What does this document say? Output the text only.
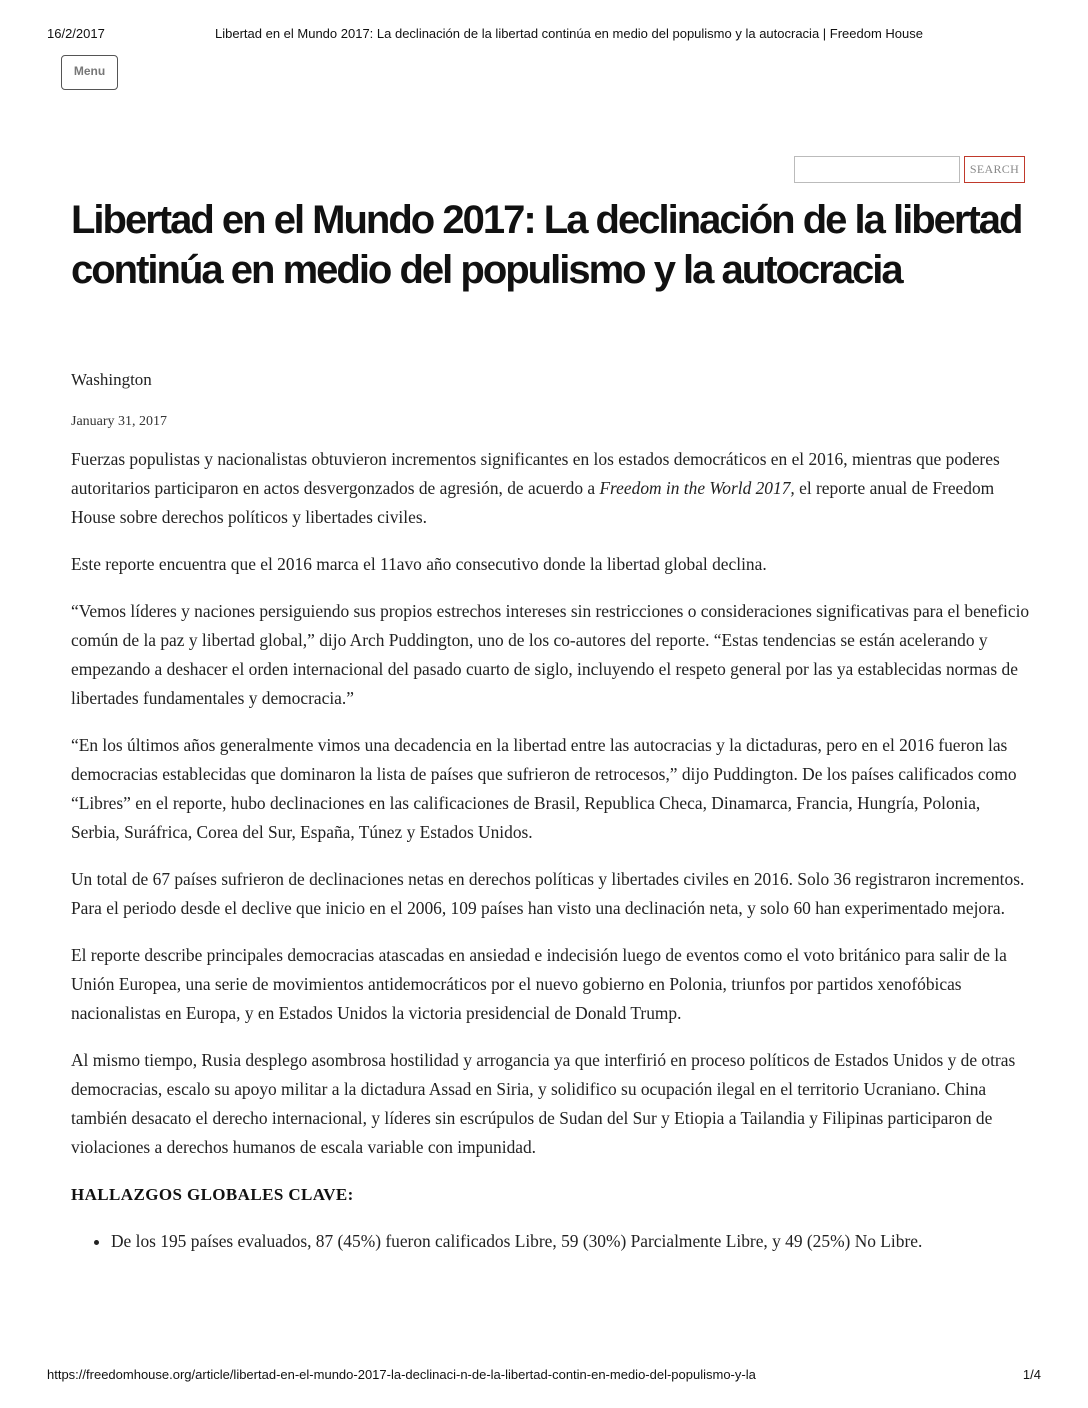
16/2/2017	Libertad en el Mundo 2017: La declinación de la libertad continúa en medio del populismo y la autocracia | Freedom House
Menu
SEARCH
Libertad en el Mundo 2017: La declinación de la libertad
continúa en medio del populismo y la autocracia
Washington
January 31, 2017

Fuerzas populistas y nacionalistas obtuvieron incrementos significantes en los estados democráticos en el 2016, mientras que poderes autoritarios participaron en actos desvergonzados de agresión, de acuerdo a Freedom in the World 2017, el reporte anual de Freedom House sobre derechos políticos y libertades civiles.

Este reporte encuentra que el 2016 marca el 11avo año consecutivo donde la libertad global declina.

“Vemos líderes y naciones persiguiendo sus propios estrechos intereses sin restricciones o consideraciones significativas para el beneficio común de la paz y libertad global,” dijo Arch Puddington, uno de los co-autores del reporte. “Estas tendencias se están acelerando y empezando a deshacer el orden internacional del pasado cuarto de siglo, incluyendo el respeto general por las ya establecidas normas de libertades fundamentales y democracia.”

“En los últimos años generalmente vimos una decadencia en la libertad entre las autocracias y la dictaduras, pero en el 2016 fueron las democracias establecidas que dominaron la lista de países que sufrieron de retrocesos,” dijo Puddington. De los países calificados como “Libres” en el reporte, hubo declinaciones en las calificaciones de Brasil, Republica Checa, Dinamarca, Francia, Hungría, Polonia, Serbia, Suráfrica, Corea del Sur, España, Túnez y Estados Unidos.

Un total de 67 países sufrieron de declinaciones netas en derechos políticas y libertades civiles en 2016. Solo 36 registraron incrementos. Para el periodo desde el declive que inicio en el 2006, 109 países han visto una declinación neta, y solo 60 han experimentado mejora.

El reporte describe principales democracias atascadas en ansiedad e indecisión luego de eventos como el voto británico para salir de la Unión Europea, una serie de movimientos antidemocráticos por el nuevo gobierno en Polonia, triunfos por partidos xenofóbicas nacionalistas en Europa, y en Estados Unidos la victoria presidencial de Donald Trump.

Al mismo tiempo, Rusia desplego asombrosa hostilidad y arrogancia ya que interfirió en proceso políticos de Estados Unidos y de otras democracias, escalo su apoyo militar a la dictadura Assad en Siria, y solidifico su ocupación ilegal en el territorio Ucraniano. China también desacato el derecho internacional, y líderes sin escrúpulos de Sudan del Sur y Etiopia a Tailandia y Filipinas participaron de violaciones a derechos humanos de escala variable con impunidad.

HALLAZGOS GLOBALES CLAVE:
• De los 195 países evaluados, 87 (45%) fueron calificados Libre, 59 (30%) Parcialmente Libre, y 49 (25%) No Libre.
https://freedomhouse.org/article/libertad-en-el-mundo-2017-la-declinaci-n-de-la-libertad-contin-en-medio-del-populismo-y-la	1/4
